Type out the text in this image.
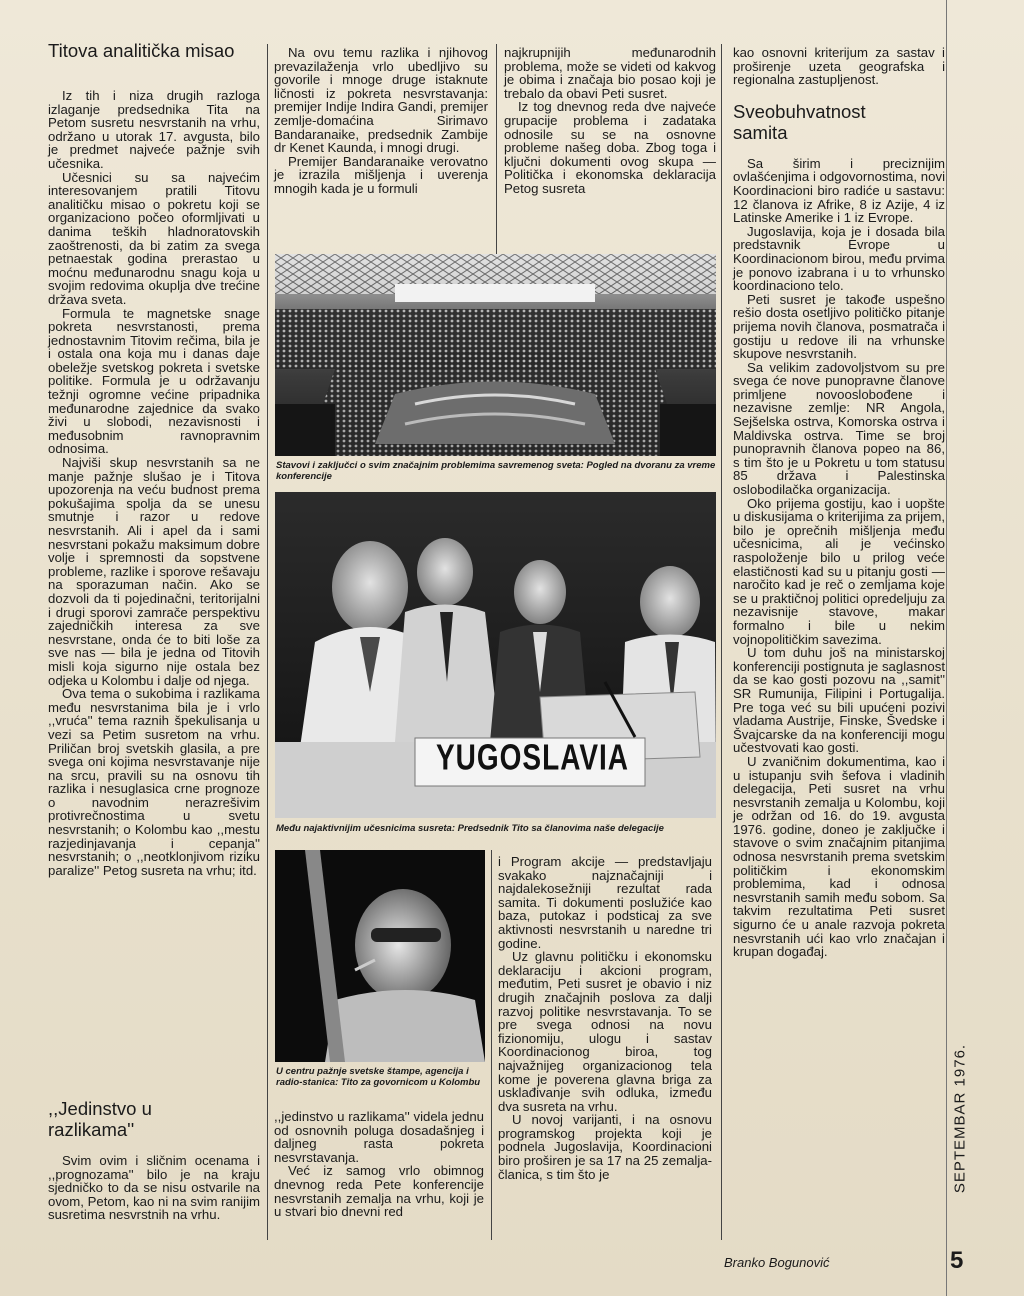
Titova analitička misao

Iz tih i niza drugih razloga izlaganje predsednika Tita na Petom susretu nesvrstanih na vrhu, održano u utorak 17. avgusta, bilo je predmet najveće pažnje svih učesnika.

Učesnici su sa najvećim interesovanjem pratili Titovu analitičku misao o pokretu koji se organizaciono počeo oformljivati u danima teških hladnoratovskih zaoštrenosti, da bi zatim za svega petnaestak godina prerastao u moćnu međunarodnu snagu koja u svojim redovima okuplja dve trećine država sveta.

Formula te magnetske snage pokreta nesvrstanosti, prema jednostavnim Titovim rečima, bila je i ostala ona koja mu i danas daje obeležje svetskog pokreta i svetske politike. Formula je u održavanju težnji ogromne većine pripadnika međunarodne zajednice da svako živi u slobodi, nezavisnosti i međusobnim ravnopravnim odnosima.

Najviši skup nesvrstanih sa ne manje pažnje slušao je i Titova upozorenja na veću budnost prema pokušajima spolja da se unesu smutnje i razor u redove nesvrstanih. Ali i apel da i sami nesvrstani pokažu maksimum dobre volje i spremnosti da sopstvene probleme, razlike i sporove rešavaju na sporazuman način. Ako se dozvoli da ti pojedinačni, teritorijalni i drugi sporovi zamrače perspektivu zajedničkih interesa za sve nesvrstane, onda će to biti loše za sve nas — bila je jedna od Titovih misli koja sigurno nije ostala bez odjeka u Kolombu i dalje od njega.

Ova tema o sukobima i razlikama među nesvrstanima bila je i vrlo ,,vruća'' tema raznih špekulisanja u vezi sa Petim susretom na vrhu. Priličan broj svetskih glasila, a pre svega oni kojima nesvrstavanje nije na srcu, pravili su na osnovu tih razlika i nesuglasica crne prognoze o navodnim nerazrešivim protivrečnostima u svetu nesvrstanih; o Kolombu kao ,,mestu razjedinjavanja i cepanja'' nesvrstanih; o ,,neotklonjivom riziku paralize'' Petog susreta na vrhu; itd.

,,Jedinstvo u razlikama''

Svim ovim i sličnim ocenama i ,,prognozama'' bilo je na kraju sjedničko to da se nisu ostvarile na ovom, Petom, kao ni na svim ranijim susretima nesvrstnih na vrhu.

Na ovu temu razlika i njihovog prevazilaženja vrlo ubedljivo su govorile i mnoge druge istaknute ličnosti iz pokreta nesvrstavanja: premijer Indije Indira Gandi, premijer zemlje-domaćina Sirimavo Bandaranaike, predsednik Zambije dr Kenet Kaunda, i mnogi drugi.

Premijer Bandaranaike verovatno je izrazila mišljenja i uverenja mnogih kada je u formuli

najkrupnijih međunarodnih problema, može se videti od kakvog je obima i značaja bio posao koji je trebalo da obavi Peti susret.

Iz tog dnevnog reda dve najveće grupacije problema i zadataka odnosile su se na osnovne probleme našeg doba. Zbog toga i ključni dokumenti ovog skupa — Politička i ekonomska deklaracija Petog susreta

Stavovi i zaključci o svim značajnim problemima savremenog sveta: Pogled na dvoranu za vreme konferencije
YUGOSLAVIA
Među najaktivnijim učesnicima susreta: Predsednik Tito sa članovima naše delegacije
U centru pažnje svetske štampe, agencija i radio-stanica: Tito za govornicom u Kolombu

,,jedinstvo u razlikama'' videla jednu od osnovnih poluga dosadašnjeg i daljneg rasta pokreta nesvrstavanja.

Već iz samog vrlo obimnog dnevnog reda Pete konferencije nesvrstanih zemalja na vrhu, koji je u stvari bio dnevni red

i Program akcije — predstavljaju svakako najznačajniji i najdalekosežniji rezultat rada samita. Ti dokumenti poslužiće kao baza, putokaz i podsticaj za sve aktivnosti nesvrstanih u narednе tri godine.

Uz glavnu političku i ekonomsku deklaraciju i akcioni program, međutim, Peti susret je obavio i niz drugih značajnih poslova za dalji razvoj politike nesvrstavanja. To se pre svega odnosi na novu fizionomiju, ulogu i sastav Koordinacionog biroa, tog najvažnijeg organizacionog tela kome je poverena glavna briga za usklađivanje svih odluka, između dva susreta na vrhu.

U novoj varijanti, i na osnovu programskog projekta koji je podnela Jugoslavija, Koordinacioni biro proširen je sa 17 na 25 zemalja-članica, s tim što je

kao osnovni kriterijum za sastav i proširenje uzeta geografska i regionalna zastupljenost.

Sveobuhvatnost samita

Sa širim i preciznijim ovlašćenjima i odgovornostima, novi Koordinacioni biro radiće u sastavu: 12 članova iz Afrike, 8 iz Azije, 4 iz Latinske Amerike i 1 iz Evrope.

Jugoslavija, koja je i dosada bila predstavnik Evrope u Koordinacionom birou, među prvima je ponovo izabrana i u to vrhunsko koordinaciono telo.

Peti susret je takođe uspešno rešio dosta osetljivo političko pitanje prijema novih članova, posmatrača i gostiju u redove ili na vrhunske skupove nesvrstanih.

Sa velikim zadovoljstvom su pre svega će nove punopravne članove primljene novooslobođene i nezavisne zemlje: NR Angola, Sejšelska ostrva, Komorska ostrva i Maldivska ostrva. Time se broj punopravnih članova popeo na 86, s tim što je u Pokretu u tom statusu 85 država i Palestinska oslobodilačka organizacija.

Oko prijema gostiju, kao i uopšte u diskusijama o kriterijima za prijem, bilo je oprečnih mišljenja među učesnicima, ali je većinsko raspoloženje bilo u prilog veće elastičnosti kad su u pitanju gosti — naročito kad je reč o zemljama koje se u praktičnoj politici opredeljuju za nezavisnije stavove, makar formalno i bile u nekim vojnopolitičkim savezima.

U tom duhu još na ministarskoj konferenciji postignuta je saglasnost da se kao gosti pozovu na ,,samit'' SR Rumunija, Filipini i Portugalija. Pre toga već su bili upućeni pozivi vladama Austrije, Finske, Švedske i Švajcarske da na konferenciji mogu učestvovati kao gosti.

U zvaničnim dokumentima, kao i u istupanju svih šefova i vladinih delegacija, Peti susret na vrhu nesvrstanih zemalja u Kolombu, koji je održan od 16. do 19. avgusta 1976. godine, doneo je zaključke i stavove o svim značajnim pitanjima odnosa nesvrstanih prema svetskim političkim i ekonomskim problemima, kad i odnosa nesvrstanih samih među sobom. Sa takvim rezultatima Peti susret sigurno će u anale razvoja pokreta nesvrstanih ući kao vrlo značajan i krupan događaj.

Branko Bogunović
SEPTEMBAR 1976.
5
